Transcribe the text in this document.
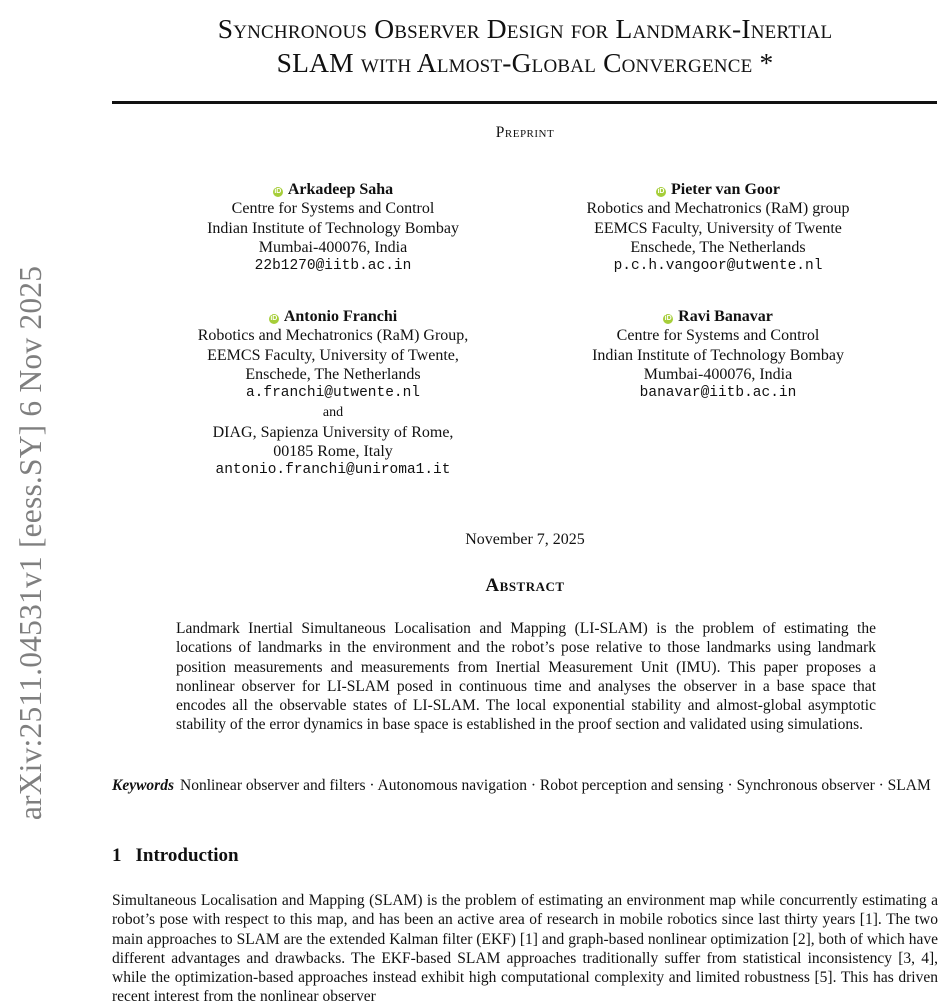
arXiv:2511.04531v1 [eess.SY] 6 Nov 2025
Synchronous Observer Design for Landmark-Inertial
SLAM with Almost-Global Convergence *
Preprint
iD Arkadeep Saha
Centre for Systems and Control
Indian Institute of Technology Bombay
Mumbai-400076, India
22b1270@iitb.ac.in
iD Pieter van Goor
Robotics and Mechatronics (RaM) group
EEMCS Faculty, University of Twente
Enschede, The Netherlands
p.c.h.vangoor@utwente.nl
iD Antonio Franchi
Robotics and Mechatronics (RaM) Group,
EEMCS Faculty, University of Twente,
Enschede, The Netherlands
a.franchi@utwente.nl
and
DIAG, Sapienza University of Rome,
00185 Rome, Italy
antonio.franchi@uniroma1.it
iD Ravi Banavar
Centre for Systems and Control
Indian Institute of Technology Bombay
Mumbai-400076, India
banavar@iitb.ac.in
November 7, 2025
Abstract
Landmark Inertial Simultaneous Localisation and Mapping (LI-SLAM) is the problem of estimating the locations of landmarks in the environment and the robot’s pose relative to those landmarks using landmark position measurements and measurements from Inertial Measurement Unit (IMU). This paper proposes a nonlinear observer for LI-SLAM posed in continuous time and analyses the observer in a base space that encodes all the observable states of LI-SLAM. The local exponential stability and almost-global asymptotic stability of the error dynamics in base space is established in the proof section and validated using simulations.
Keywords Nonlinear observer and filters · Autonomous navigation · Robot perception and sensing · Synchronous observer · SLAM
1 Introduction
Simultaneous Localisation and Mapping (SLAM) is the problem of estimating an environment map while concurrently estimating a robot’s pose with respect to this map, and has been an active area of research in mobile robotics since last thirty years [1]. The two main approaches to SLAM are the extended Kalman filter (EKF) [1] and graph-based nonlinear optimization [2], both of which have different advantages and drawbacks. The EKF-based SLAM approaches traditionally suffer from statistical inconsistency [3, 4], while the optimization-based approaches instead exhibit high computational complexity and limited robustness [5]. This has driven recent interest from the nonlinear observer
